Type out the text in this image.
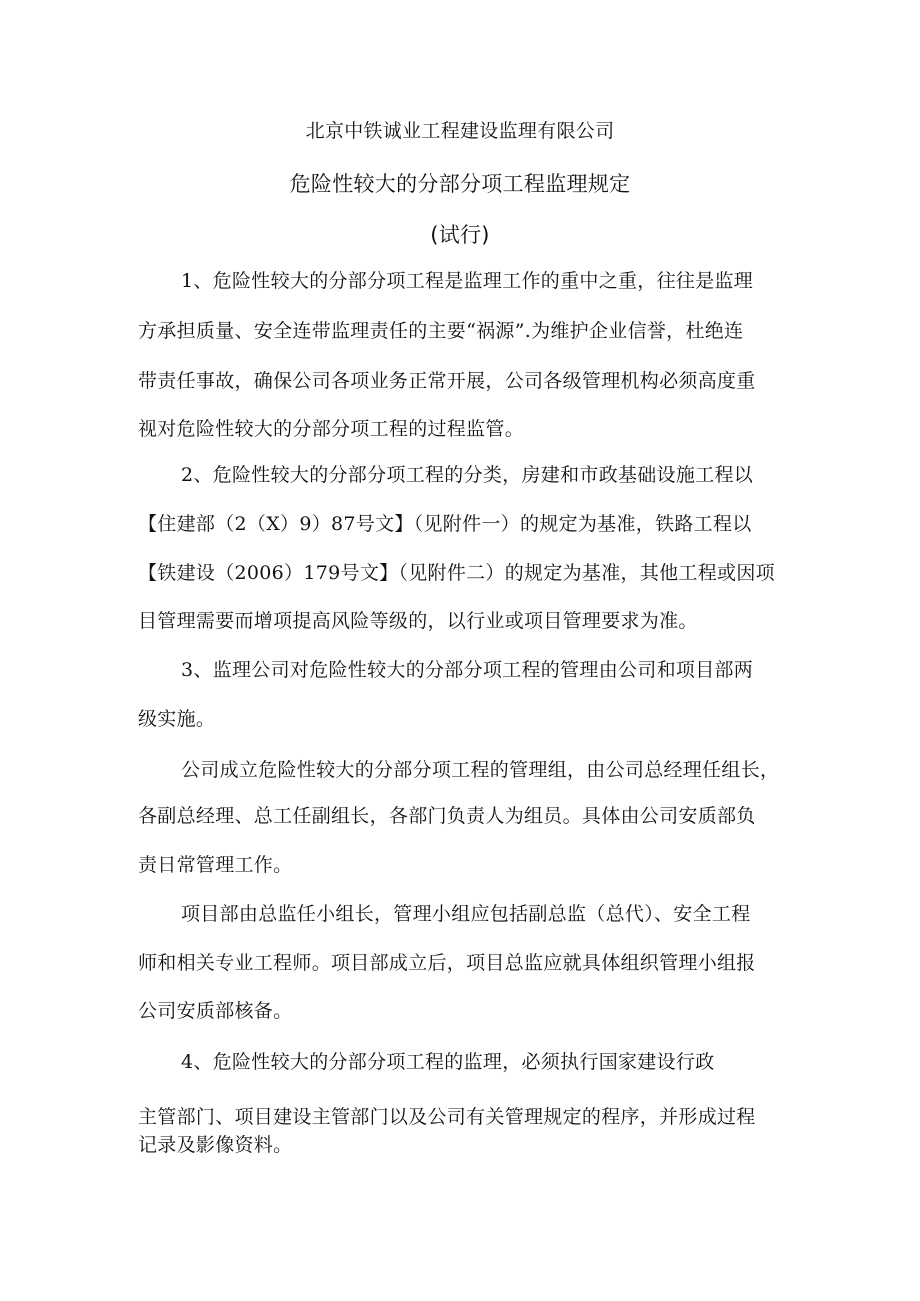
北京中铁诚业工程建设监理有限公司

危险性较大的分部分项工程监理规定

(试行)

1、危险性较大的分部分项工程是监理工作的重中之重，往往是监理

方承担质量、安全连带监理责任的主要“祸源”.为维护企业信誉，杜绝连

带责任事故，确保公司各项业务正常开展，公司各级管理机构必须高度重

视对危险性较大的分部分项工程的过程监管。

2、危险性较大的分部分项工程的分类，房建和市政基础设施工程以

【住建部（2（X）9）87号文】（见附件一）的规定为基准，铁路工程以

【铁建设（2006）179号文】（见附件二）的规定为基准，其他工程或因项

目管理需要而增项提高风险等级的，以行业或项目管理要求为准。

3、监理公司对危险性较大的分部分项工程的管理由公司和项目部两

级实施。

公司成立危险性较大的分部分项工程的管理组，由公司总经理任组长，

各副总经理、总工任副组长，各部门负责人为组员。具体由公司安质部负

责日常管理工作。

项目部由总监任小组长，管理小组应包括副总监（总代）、安全工程

师和相关专业工程师。项目部成立后，项目总监应就具体组织管理小组报

公司安质部核备。

4、危险性较大的分部分项工程的监理，必须执行国家建设行政

主管部门、项目建设主管部门以及公司有关管理规定的程序，并形成过程

记录及影像资料。
